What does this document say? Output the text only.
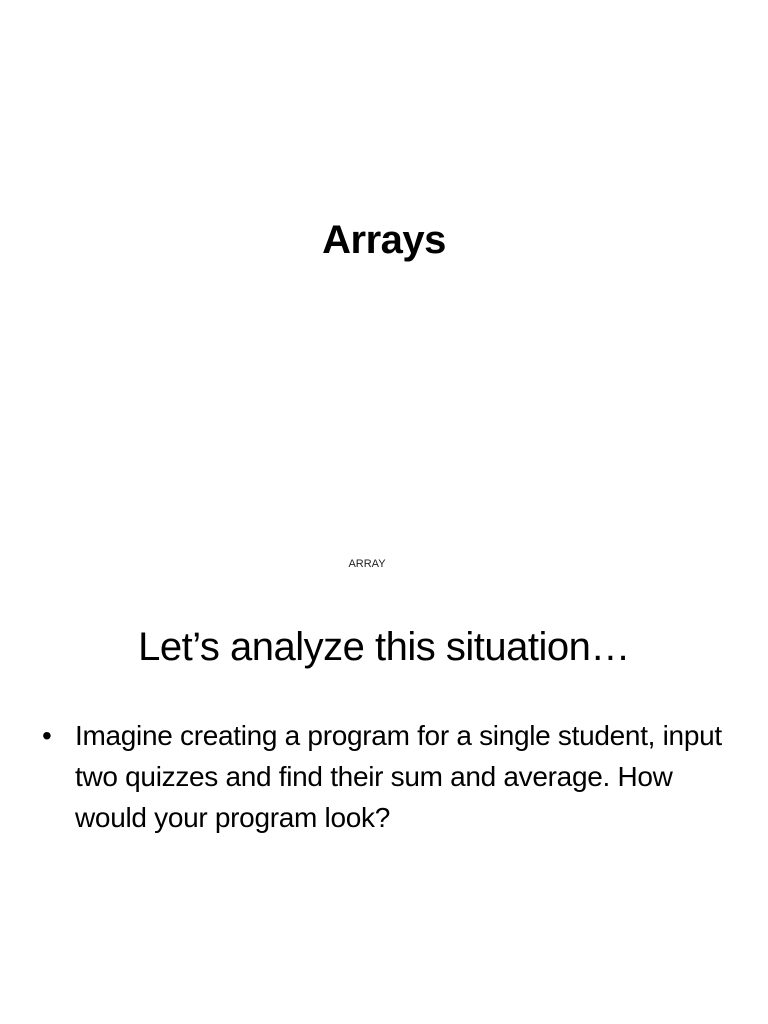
Arrays
ARRAY
Let’s analyze this situation…
• Imagine creating a program for a single student, input two quizzes and find their sum and average. How would your program look?
